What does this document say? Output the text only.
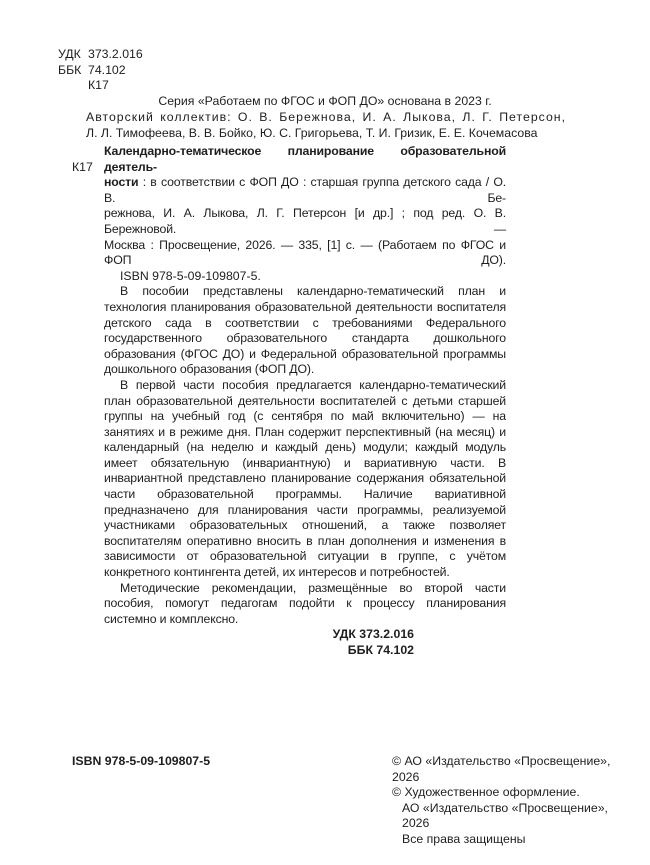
УДК 373.2.016
ББК 74.102
К17
Серия «Работаем по ФГОС и ФОП ДО» основана в 2023 г.
Авторский коллектив: О. В. Бережнова, И. А. Лыкова, Л. Г. Петерсон,
Л. Л. Тимофеева, В. В. Бойко, Ю. С. Григорьева, Т. И. Гризик, Е. Е. Кочемасова
К17
Календарно-тематическое планирование образовательной деятель-
ности : в соответствии с ФОП ДО : старшая группа детского сада / О. В. Бе-
режнова, И. А. Лыкова, Л. Г. Петерсон [и др.] ; под ред. О. В. Бережновой. —
Москва : Просвещение, 2026. — 335, [1] с. — (Работаем по ФГОС и ФОП ДО).
ISBN 978-5-09-109807-5.
В пособии представлены календарно-тематический план и технология планирования образовательной деятельности воспитателя детского сада в соответствии с требованиями Федерального государственного образовательного стандарта дошкольного образования (ФГОС ДО) и Федеральной образовательной программы дошкольного образования (ФОП ДО).
В первой части пособия предлагается календарно-тематический план образовательной деятельности воспитателей с детьми старшей группы на учебный год (с сентября по май включительно) — на занятиях и в режиме дня. План содержит перспективный (на месяц) и календарный (на неделю и каждый день) модули; каждый модуль имеет обязательную (инвариантную) и вариативную части. В инвариантной представлено планирование содержания обязательной части образовательной программы. Наличие вариативной предназначено для планирования части программы, реализуемой участниками образовательных отношений, а также позволяет воспитателям оперативно вносить в план дополнения и изменения в зависимости от образовательной ситуации в группе, с учётом конкретного контингента детей, их интересов и потребностей.
Методические рекомендации, размещённые во второй части пособия, помогут педагогам подойти к процессу планирования системно и комплексно.
УДК 373.2.016
ББК 74.102
ISBN 978-5-09-109807-5	© АО «Издательство «Просвещение», 2026
© Художественное оформление.
АО «Издательство «Просвещение», 2026
Все права защищены
